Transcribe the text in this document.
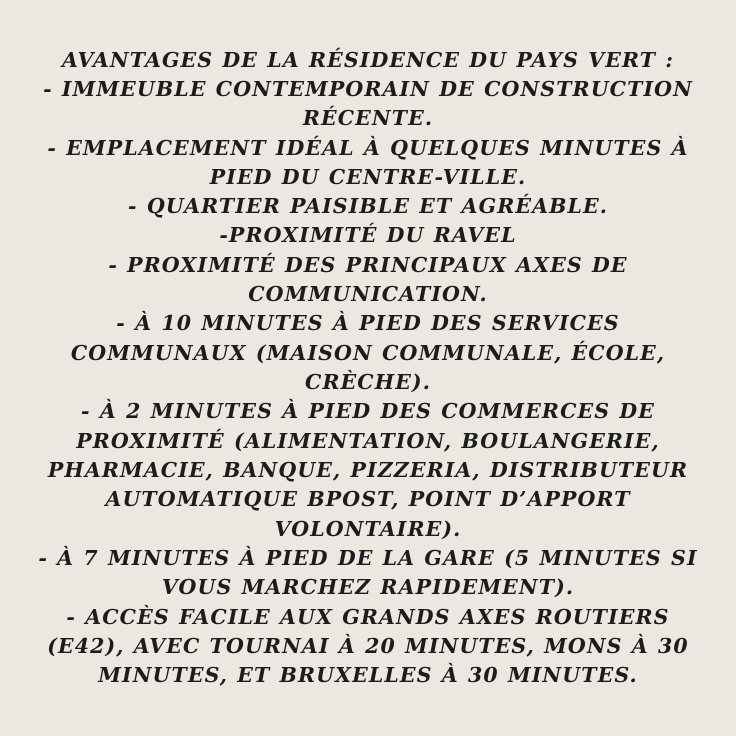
AVANTAGES DE LA RÉSIDENCE DU PAYS VERT :
- IMMEUBLE CONTEMPORAIN DE CONSTRUCTION RÉCENTE.
- EMPLACEMENT IDÉAL À QUELQUES MINUTES À PIED DU CENTRE-VILLE.
- QUARTIER PAISIBLE ET AGRÉABLE.
-PROXIMITÉ DU RAVEL
- PROXIMITÉ DES PRINCIPAUX AXES DE COMMUNICATION.
- À 10 MINUTES À PIED DES SERVICES COMMUNAUX (MAISON COMMUNALE, ÉCOLE, CRÈCHE).
- À 2 MINUTES À PIED DES COMMERCES DE PROXIMITÉ (ALIMENTATION, BOULANGERIE, PHARMACIE, BANQUE, PIZZERIA, DISTRIBUTEUR AUTOMATIQUE BPOST, POINT D’APPORT VOLONTAIRE).
- À 7 MINUTES À PIED DE LA GARE (5 MINUTES SI VOUS MARCHEZ RAPIDEMENT).
- ACCÈS FACILE AUX GRANDS AXES ROUTIERS (E42), AVEC TOURNAI À 20 MINUTES, MONS À 30 MINUTES, ET BRUXELLES À 30 MINUTES.
